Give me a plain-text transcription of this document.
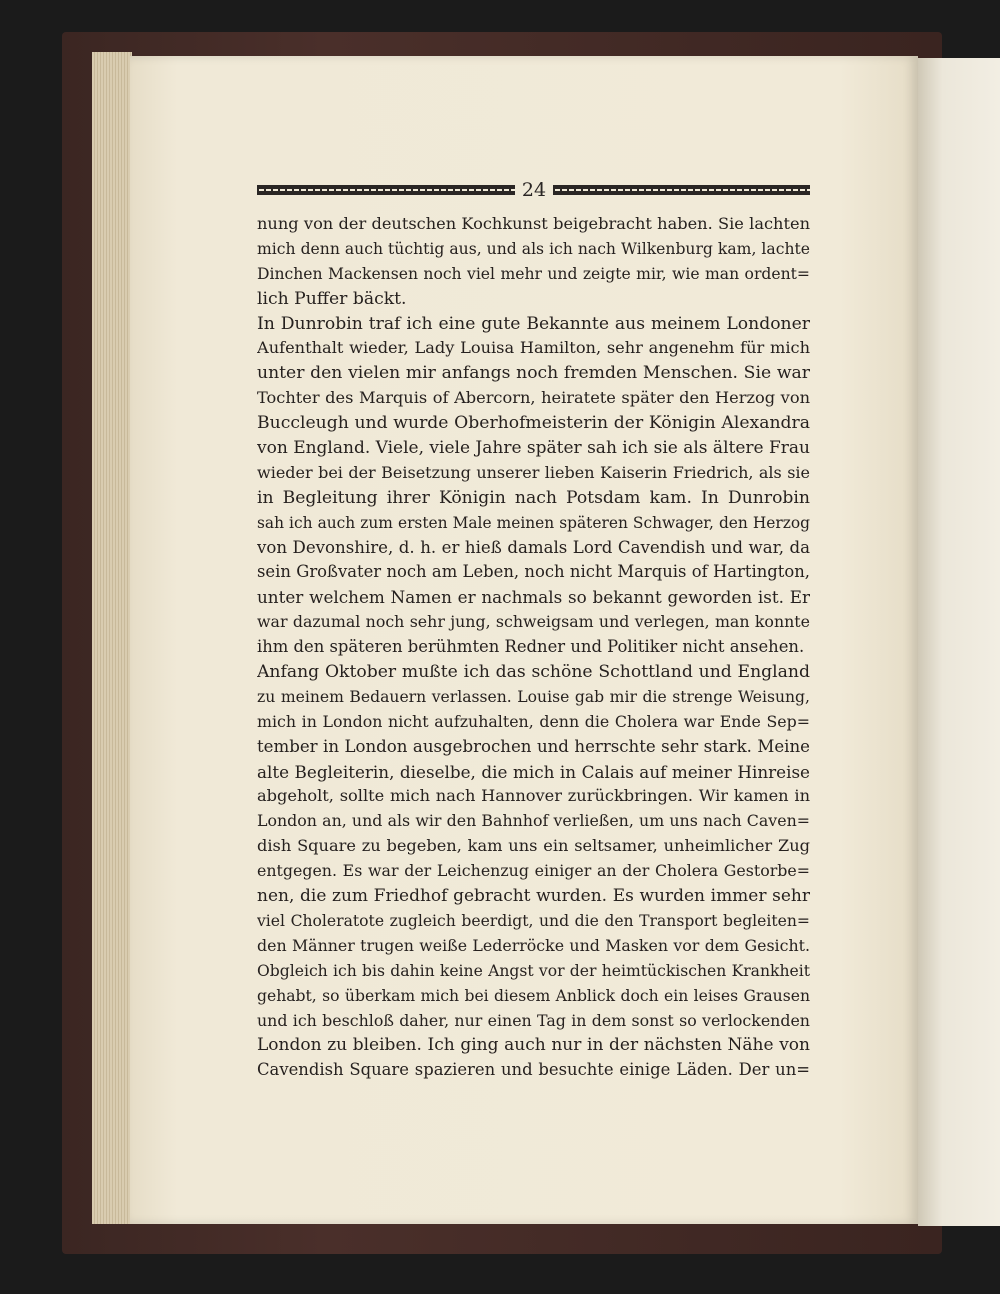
24
nung von der deutschen Kochkunst beigebracht haben. Sie lachten
mich denn auch tüchtig aus, und als ich nach Wilkenburg kam, lachte
Dinchen Mackensen noch viel mehr und zeigte mir, wie man ordent=
lich Puffer bäckt.
In Dunrobin traf ich eine gute Bekannte aus meinem Londoner
Aufenthalt wieder, Lady Louisa Hamilton, sehr angenehm für mich
unter den vielen mir anfangs noch fremden Menschen. Sie war
Tochter des Marquis of Abercorn, heiratete später den Herzog von
Buccleugh und wurde Oberhofmeisterin der Königin Alexandra
von England. Viele, viele Jahre später sah ich sie als ältere Frau
wieder bei der Beisetzung unserer lieben Kaiserin Friedrich, als sie
in Begleitung ihrer Königin nach Potsdam kam. In Dunrobin
sah ich auch zum ersten Male meinen späteren Schwager, den Herzog
von Devonshire, d. h. er hieß damals Lord Cavendish und war, da
sein Großvater noch am Leben, noch nicht Marquis of Hartington,
unter welchem Namen er nachmals so bekannt geworden ist. Er
war dazumal noch sehr jung, schweigsam und verlegen, man konnte
ihm den späteren berühmten Redner und Politiker nicht ansehen.
Anfang Oktober mußte ich das schöne Schottland und England
zu meinem Bedauern verlassen. Louise gab mir die strenge Weisung,
mich in London nicht aufzuhalten, denn die Cholera war Ende Sep=
tember in London ausgebrochen und herrschte sehr stark. Meine
alte Begleiterin, dieselbe, die mich in Calais auf meiner Hinreise
abgeholt, sollte mich nach Hannover zurückbringen. Wir kamen in
London an, und als wir den Bahnhof verließen, um uns nach Caven=
dish Square zu begeben, kam uns ein seltsamer, unheimlicher Zug
entgegen. Es war der Leichenzug einiger an der Cholera Gestorbe=
nen, die zum Friedhof gebracht wurden. Es wurden immer sehr
viel Choleratote zugleich beerdigt, und die den Transport begleiten=
den Männer trugen weiße Lederröcke und Masken vor dem Gesicht.
Obgleich ich bis dahin keine Angst vor der heimtückischen Krankheit
gehabt, so überkam mich bei diesem Anblick doch ein leises Grausen
und ich beschloß daher, nur einen Tag in dem sonst so verlockenden
London zu bleiben. Ich ging auch nur in der nächsten Nähe von
Cavendish Square spazieren und besuchte einige Läden. Der un=
